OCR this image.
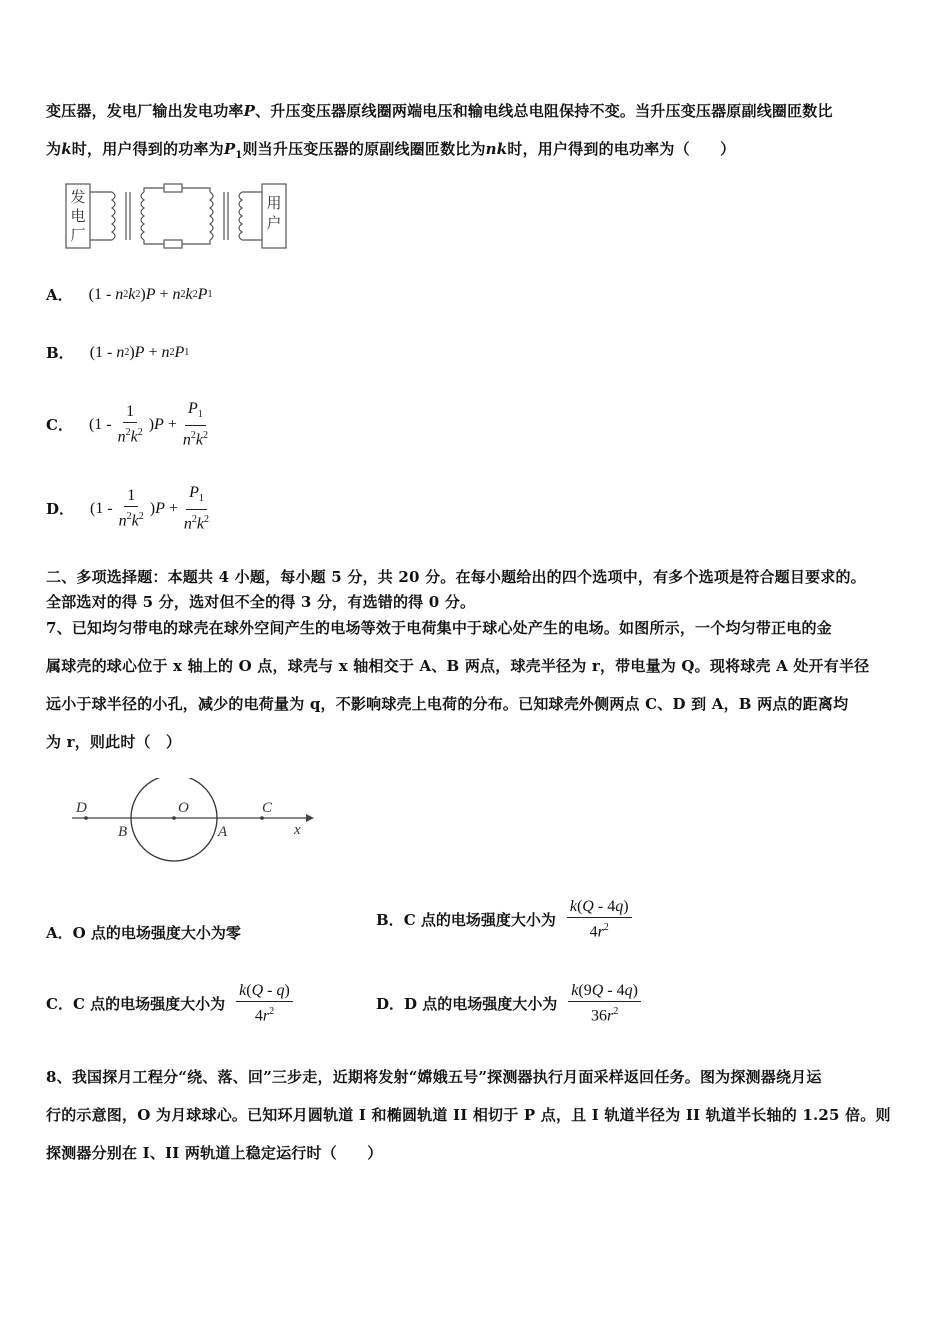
变压器，发电厂输出发电功率P、升压变压器原线圈两端电压和输电线总电阻保持不变。当升压变压器原副线圈匝数比
为k时，用户得到的功率为$P_1$则当升压变压器的原副线圈匝数比为nk时，用户得到的电功率为（　　）
发
电
厂
用
户
A． (1 - n 2 k 2 ) P + n 2 k 2 P 1
B． (1 - n 2 ) P + n 2 P 1
C． ($1 - \frac{1}{n^2k^2}$ ) $P + \frac{P_1}{n^2k^2}$
D． ($1 - \frac{1}{n^2k^2}$ ) $P + \frac{P_1}{n^2k^2}$
二、多项选择题：本题共 4 小题，每小题 5 分，共 20 分。在每小题给出的四个选项中，有多个选项是符合题目要求的。
全部选对的得 5 分，选对但不全的得 3 分，有选错的得 0 分。
7、已知均匀带电的球壳在球外空间产生的电场等效于电荷集中于球心处产生的电场。如图所示，一个均匀带正电的金
属球壳的球心位于 x 轴上的 O 点，球壳与 x 轴相交于 A、B 两点，球壳半径为 r，带电量为 Q。现将球壳 A 处开有半径
远小于球半径的小孔，减少的电荷量为 q，不影响球壳上电荷的分布。已知球壳外侧两点 C、D 到 A，B 两点的距离均
为 r，则此时（　）
D	O	C
B	A	x
A． O 点的电场强度大小为零
B． C 点的电场强度大小为 $\frac{k(Q - 4q)}{4r^2}$
C． C 点的电场强度大小为 $\frac{k(Q - q)}{4r^2}$	D． D 点的电场强度大小为 $\frac{k(9Q - 4q)}{36r^2}$
8、我国探月工程分“绕、落、回”三步走，近期将发射“嫦娥五号”探测器执行月面采样返回任务。图为探测器绕月运
行的示意图，O 为月球球心。已知环月圆轨道 I 和椭圆轨道 II 相切于 P 点，且 I 轨道半径为 II 轨道半长轴的 1.25 倍。则
探测器分别在 I、II 两轨道上稳定运行时（　　）
